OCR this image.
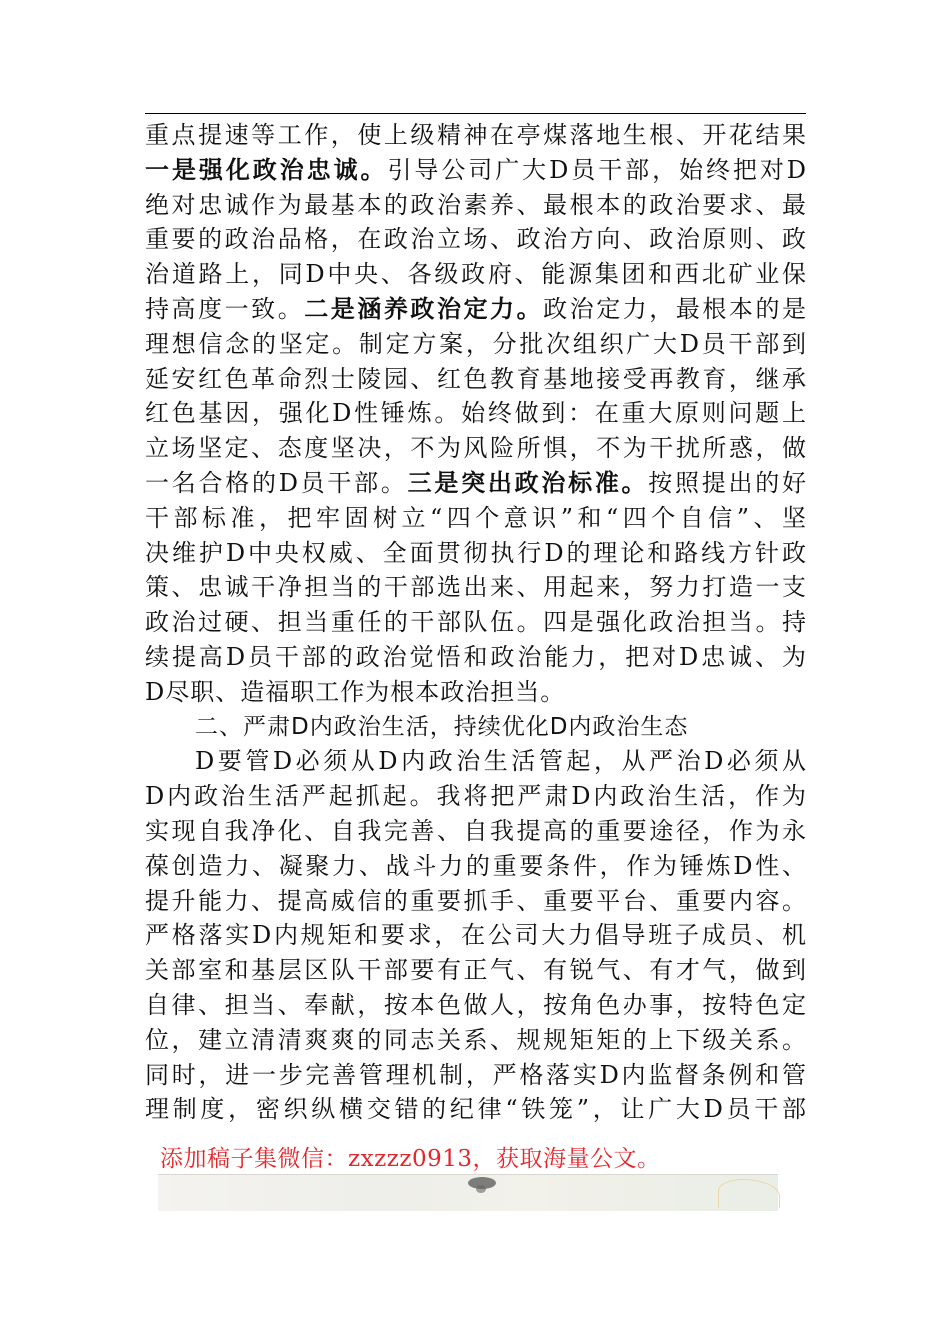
重点提速等工作，使上级精神在亭煤落地生根、开花结果
一是强化政治忠诚。引导公司广大D员干部，始终把对D
绝对忠诚作为最基本的政治素养、最根本的政治要求、最
重要的政治品格，在政治立场、政治方向、政治原则、政
治道路上，同D中央、各级政府、能源集团和西北矿业保
持高度一致。二是涵养政治定力。政治定力，最根本的是
理想信念的坚定。制定方案，分批次组织广大D员干部到
延安红色革命烈士陵园、红色教育基地接受再教育，继承
红色基因，强化D性锤炼。始终做到：在重大原则问题上
立场坚定、态度坚决，不为风险所惧，不为干扰所惑，做
一名合格的D员干部。三是突出政治标准。按照提出的好
干部标准，把牢固树立“四个意识”和“四个自信”、坚
决维护D中央权威、全面贯彻执行D的理论和路线方针政
策、忠诚干净担当的干部选出来、用起来，努力打造一支
政治过硬、担当重任的干部队伍。四是强化政治担当。持
续提高D员干部的政治觉悟和政治能力，把对D忠诚、为
D尽职、造福职工作为根本政治担当。
二、严肃D内政治生活，持续优化D内政治生态
D要管D必须从D内政治生活管起，从严治D必须从
D内政治生活严起抓起。我将把严肃D内政治生活，作为
实现自我净化、自我完善、自我提高的重要途径，作为永
葆创造力、凝聚力、战斗力的重要条件，作为锤炼D性、
提升能力、提高威信的重要抓手、重要平台、重要内容。
严格落实D内规矩和要求，在公司大力倡导班子成员、机
关部室和基层区队干部要有正气、有锐气、有才气，做到
自律、担当、奉献，按本色做人，按角色办事，按特色定
位，建立清清爽爽的同志关系、规规矩矩的上下级关系。
同时，进一步完善管理机制，严格落实D内监督条例和管
理制度，密织纵横交错的纪律“铁笼”，让广大D员干部
添加稿子集微信：zxzzz0913，获取海量公文。
